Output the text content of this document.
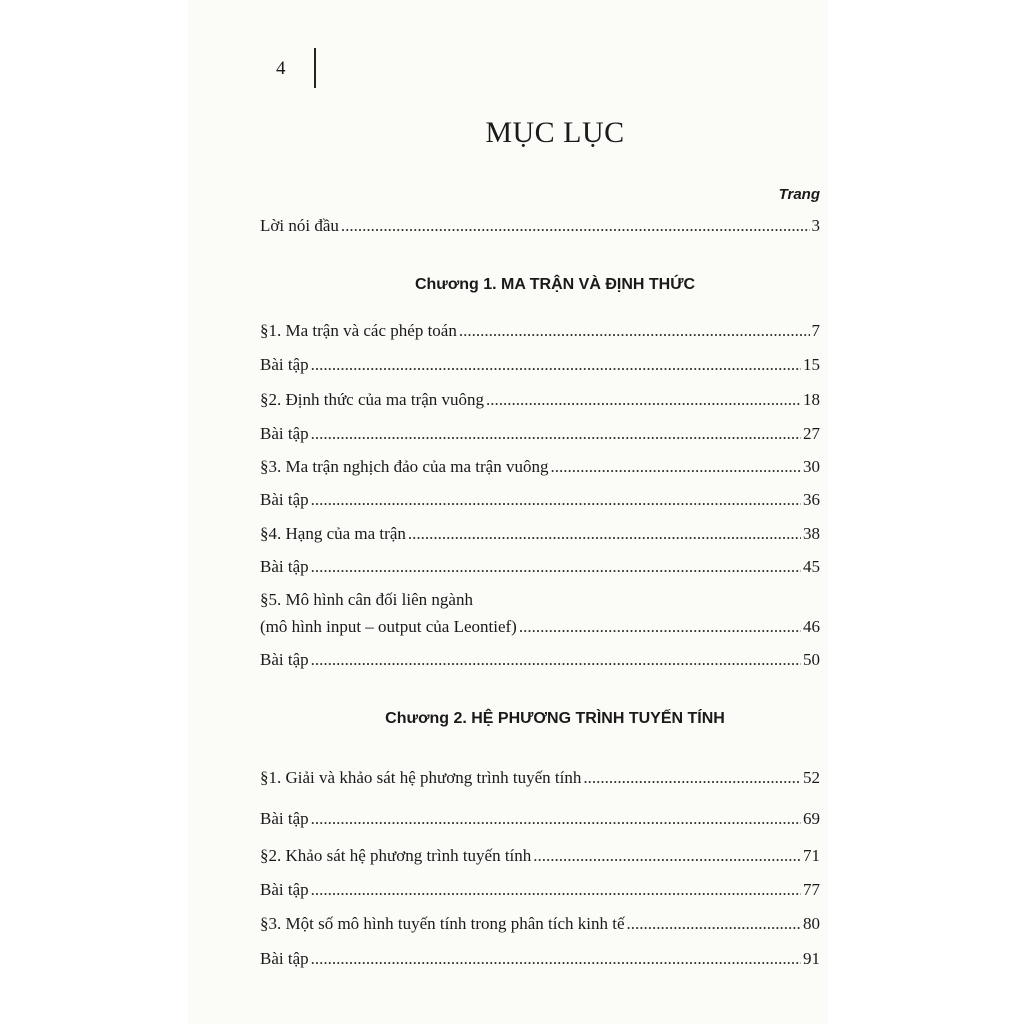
4
MỤC LỤC
Trang
Lời nói đầu .....	3
Chương 1. MA TRẬN VÀ ĐỊNH THỨC
§1. Ma trận và các phép toán .....	7
Bài tập .....	15
§2. Định thức của ma trận vuông .....	18
Bài tập .....	27
§3. Ma trận nghịch đảo của ma trận vuông .....	30
Bài tập .....	36
§4. Hạng của ma trận .....	38
Bài tập .....	45
§5. Mô hình cân đối liên ngành
(mô hình input – output của Leontief) .....	46
Bài tập .....	50
Chương 2. HỆ PHƯƠNG TRÌNH TUYẾN TÍNH
§1. Giải và khảo sát hệ phương trình tuyến tính .....	52
Bài tập .....	69
§2. Khảo sát hệ phương trình tuyến tính .....	71
Bài tập .....	77
§3. Một số mô hình tuyến tính trong phân tích kinh tế .....	80
Bài tập .....	91
